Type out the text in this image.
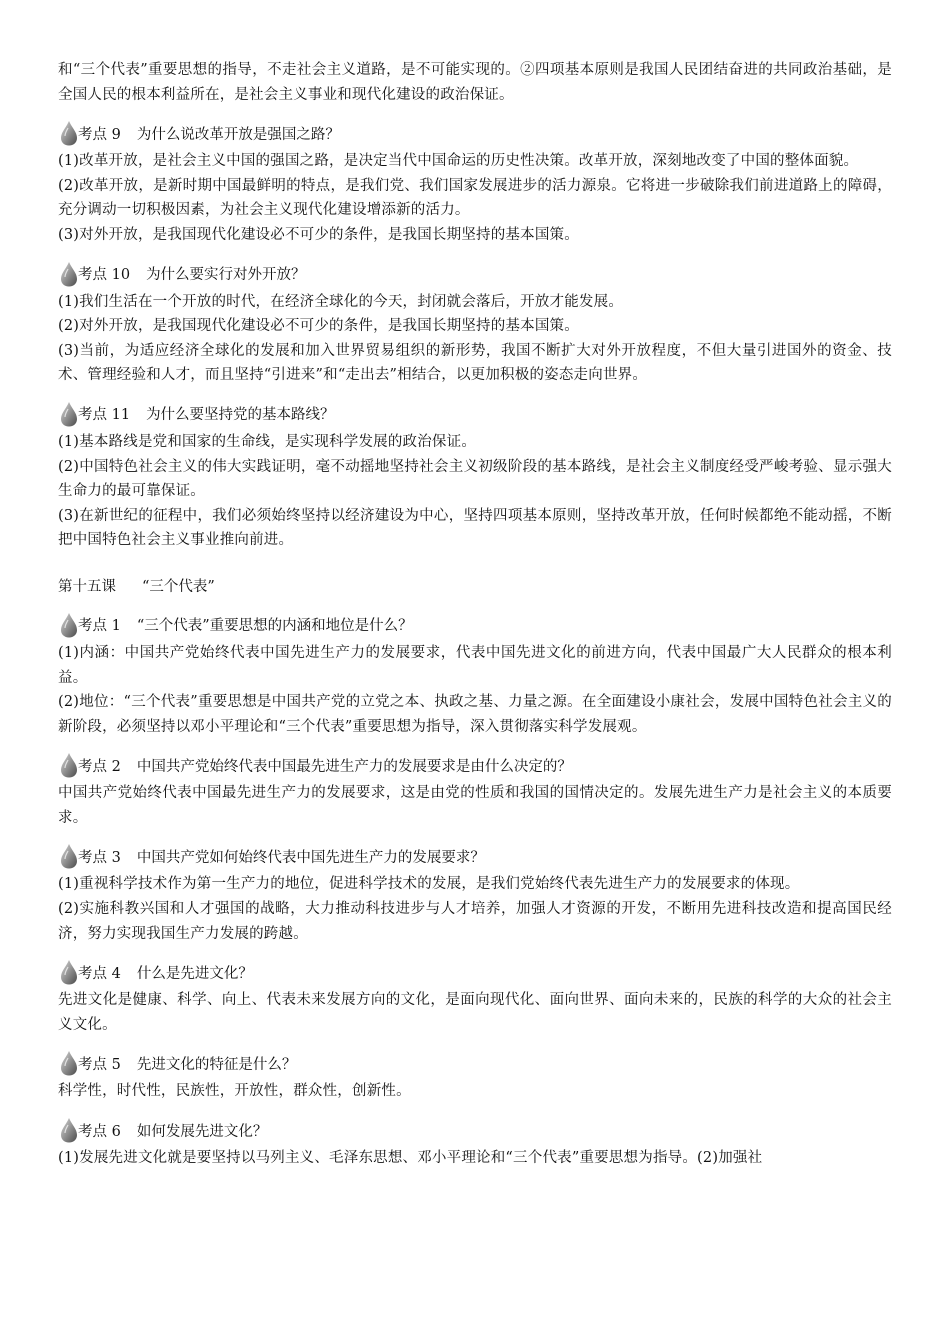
和“三个代表”重要思想的指导，不走社会主义道路，是不可能实现的。②四项基本原则是我国人民团结奋进的共同政治基础，是全国人民的根本利益所在，是社会主义事业和现代化建设的政治保证。

考点 9 为什么说改革开放是强国之路？

(1)改革开放，是社会主义中国的强国之路，是决定当代中国命运的历史性决策。改革开放，深刻地改变了中国的整体面貌。

(2)改革开放，是新时期中国最鲜明的特点，是我们党、我们国家发展进步的活力源泉。它将进一步破除我们前进道路上的障碍，充分调动一切积极因素，为社会主义现代化建设增添新的活力。

(3)对外开放，是我国现代化建设必不可少的条件，是我国长期坚持的基本国策。

考点 10 为什么要实行对外开放？

(1)我们生活在一个开放的时代，在经济全球化的今天，封闭就会落后，开放才能发展。

(2)对外开放，是我国现代化建设必不可少的条件，是我国长期坚持的基本国策。

(3)当前，为适应经济全球化的发展和加入世界贸易组织的新形势，我国不断扩大对外开放程度，不但大量引进国外的资金、技术、管理经验和人才，而且坚持“引进来”和“走出去”相结合，以更加积极的姿态走向世界。

考点 11 为什么要坚持党的基本路线？

(1)基本路线是党和国家的生命线，是实现科学发展的政治保证。

(2)中国特色社会主义的伟大实践证明，毫不动摇地坚持社会主义初级阶段的基本路线，是社会主义制度经受严峻考验、显示强大生命力的最可靠保证。

(3)在新世纪的征程中，我们必须始终坚持以经济建设为中心，坚持四项基本原则，坚持改革开放，任何时候都绝不能动摇，不断把中国特色社会主义事业推向前进。

第十五课 “三个代表”
考点 1 “三个代表”重要思想的内涵和地位是什么？

(1)内涵：中国共产党始终代表中国先进生产力的发展要求，代表中国先进文化的前进方向，代表中国最广大人民群众的根本利益。

(2)地位：“三个代表”重要思想是中国共产党的立党之本、执政之基、力量之源。在全面建设小康社会，发展中国特色社会主义的新阶段，必须坚持以邓小平理论和“三个代表”重要思想为指导，深入贯彻落实科学发展观。

考点 2 中国共产党始终代表中国最先进生产力的发展要求是由什么决定的？

中国共产党始终代表中国最先进生产力的发展要求，这是由党的性质和我国的国情决定的。发展先进生产力是社会主义的本质要求。

考点 3 中国共产党如何始终代表中国先进生产力的发展要求？

(1)重视科学技术作为第一生产力的地位，促进科学技术的发展，是我们党始终代表先进生产力的发展要求的体现。

(2)实施科教兴国和人才强国的战略，大力推动科技进步与人才培养，加强人才资源的开发，不断用先进科技改造和提高国民经济，努力实现我国生产力发展的跨越。

考点 4 什么是先进文化？

先进文化是健康、科学、向上、代表未来发展方向的文化，是面向现代化、面向世界、面向未来的，民族的科学的大众的社会主义文化。

考点 5 先进文化的特征是什么？

科学性，时代性，民族性，开放性，群众性，创新性。

考点 6 如何发展先进文化？

(1)发展先进文化就是要坚持以马列主义、毛泽东思想、邓小平理论和“三个代表”重要思想为指导。(2)加强社
